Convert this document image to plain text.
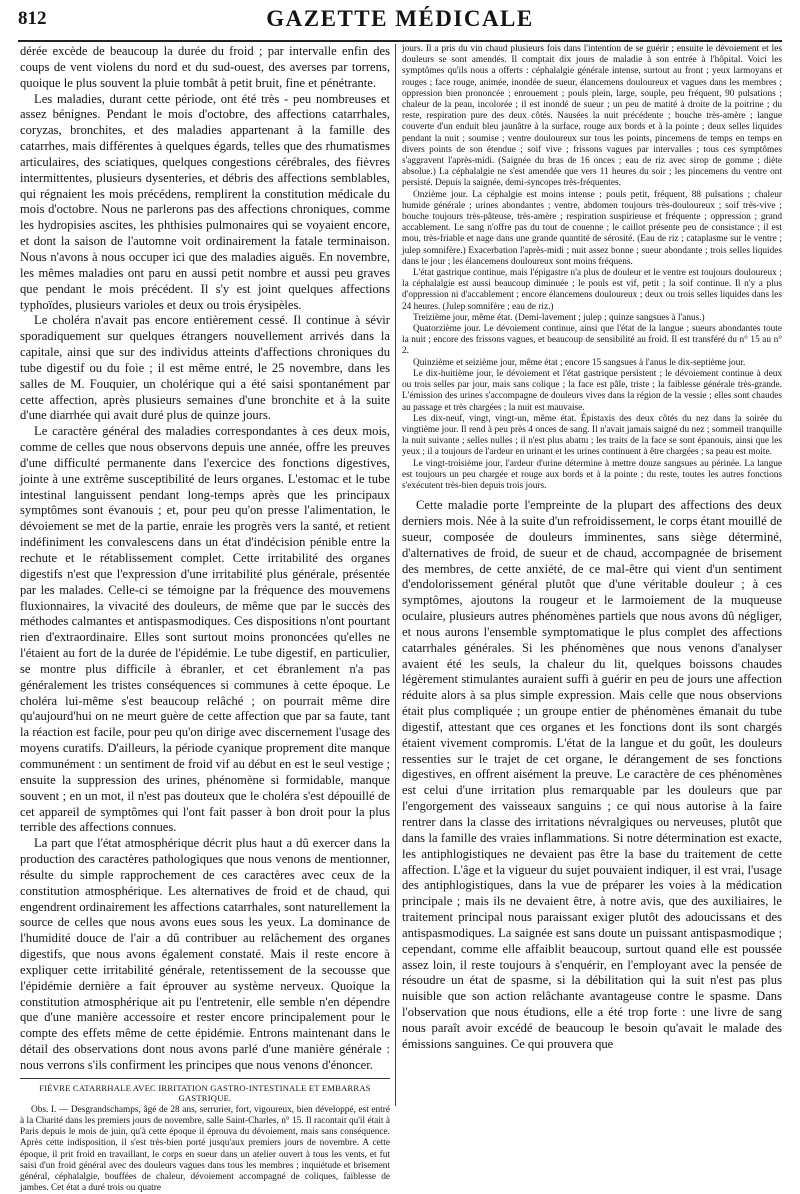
812	GAZETTE MÉDICALE

dérée excède de beaucoup la durée du froid ; par intervalle enfin des coups de vent violens du nord et du sud-ouest, des averses par torrens, quoique le plus souvent la pluie tombât à petit bruit, fine et pénétrante.

Les maladies, durant cette période, ont été très - peu nombreuses et assez bénignes. Pendant le mois d'octobre, des affections catarrhales, coryzas, bronchites, et des maladies appartenant à la famille des catarrhes, mais différentes à quelques égards, telles que des rhumatismes articulaires, des sciatiques, quelques congestions cérébrales, des fièvres intermittentes, plusieurs dysenteries, et débris des affections semblables, qui régnaient les mois précédens, remplirent la constitution médicale du mois d'octobre. Nous ne parlerons pas des affections chroniques, comme les hydropisies ascites, les phthisies pulmonaires qui se voyaient encore, et dont la saison de l'automne voit ordinairement la fatale terminaison. Nous n'avons à nous occuper ici que des maladies aiguës. En novembre, les mêmes maladies ont paru en aussi petit nombre et aussi peu graves que pendant le mois précédent. Il s'y est joint quelques affections typhoïdes, plusieurs varioles et deux ou trois érysipèles.

Le choléra n'avait pas encore entièrement cessé. Il continue à sévir sporadiquement sur quelques étrangers nouvellement arrivés dans la capitale, ainsi que sur des individus atteints d'affections chroniques du tube digestif ou du foie ; il est même entré, le 25 novembre, dans les salles de M. Fouquier, un cholérique qui a été saisi spontanément par cette affection, après plusieurs semaines d'une bronchite et à la suite d'une diarrhée qui avait duré plus de quinze jours.

Le caractère général des maladies correspondantes à ces deux mois, comme de celles que nous observons depuis une année, offre les preuves d'une difficulté permanente dans l'exercice des fonctions digestives, jointe à une extrême susceptibilité de leurs organes. L'estomac et le tube intestinal languissent pendant long-temps après que les principaux symptômes sont évanouis ; et, pour peu qu'on presse l'alimentation, le dévoiement se met de la partie, enraie les progrès vers la santé, et retient indéfiniment les convalescens dans un état d'indécision pénible entre la rechute et le rétablissement complet. Cette irritabilité des organes digestifs n'est que l'expression d'une irritabilité plus générale, présentée par les malades. Celle-ci se témoigne par la fréquence des mouvemens fluxionnaires, la vivacité des douleurs, de même que par le succès des méthodes calmantes et antispasmodiques. Ces dispositions n'ont pourtant rien d'extraordinaire. Elles sont surtout moins prononcées qu'elles ne l'étaient au fort de la durée de l'épidémie. Le tube digestif, en particulier, se montre plus difficile à ébranler, et cet ébranlement n'a pas généralement les tristes conséquences si communes à cette époque. Le choléra lui-même s'est beaucoup relâché ; on pourrait même dire qu'aujourd'hui on ne meurt guère de cette affection que par sa faute, tant la réaction est facile, pour peu qu'on dirige avec discernement l'usage des moyens curatifs. D'ailleurs, la période cyanique proprement dite manque communément : un sentiment de froid vif au début en est le seul vestige ; ensuite la suppression des urines, phénomène si formidable, manque souvent ; en un mot, il n'est pas douteux que le choléra s'est dépouillé de cet appareil de symptômes qui l'ont fait passer à bon droit pour la plus terrible des affections connues.

La part que l'état atmosphérique décrit plus haut a dû exercer dans la production des caractères pathologiques que nous venons de mentionner, résulte du simple rapprochement de ces caractères avec ceux de la constitution atmosphérique. Les alternatives de froid et de chaud, qui engendrent ordinairement les affections catarrhales, sont naturellement la source de celles que nous avons eues sous les yeux. La dominance de l'humidité douce de l'air a dû contribuer au relâchement des organes digestifs, que nous avons également constaté. Mais il reste encore à expliquer cette irritabilité générale, retentissement de la secousse que l'épidémie dernière a fait éprouver au système nerveux. Quoique la constitution atmosphérique ait pu l'entretenir, elle semble n'en dépendre que d'une manière accessoire et rester encore principalement pour le compte des effets même de cette épidémie. Entrons maintenant dans le détail des observations dont nous avons parlé d'une manière générale : nous verrons s'ils confirment les principes que nous venons d'énoncer.

FIÈVRE CATARRHALE AVEC IRRITATION GASTRO-INTESTINALE ET EMBARRAS
GASTRIQUE.

Obs. I. — Desgrandschamps, âgé de 28 ans, serrurier, fort, vigoureux, bien développé, est entré à la Charité dans les premiers jours de novembre, salle Saint-Charles, n° 15. Il racontait qu'il était à Paris depuis le mois de juin, qu'à cette époque il éprouva du dévoiement, mais sans conséquence. Après cette indisposition, il s'est très-bien porté jusqu'aux premiers jours de novembre. A cette époque, il prit froid en travaillant, le corps en sueur dans un atelier ouvert à tous les vents, et fut saisi d'un froid général avec des douleurs vagues dans tous les membres ; inquiétude et brisement général, céphalalgie, bouffées de chaleur, dévoiement accompagné de coliques, faiblesse de jambes. Cet état a duré trois ou quatre

jours. Il a pris du vin chaud plusieurs fois dans l'intention de se guérir ; ensuite le dévoiement et les douleurs se sont amendés. Il comptait dix jours de maladie à son entrée à l'hôpital. Voici les symptômes qu'ils nous a offerts : céphalalgie générale intense, surtout au front ; yeux larmoyans et rouges ; face rouge, animée, inondée de sueur, élancemens douloureux et vagues dans les membres ; oppression bien prononcée ; enrouement ; pouls plein, large, souple, peu fréquent, 90 pulsations ; chaleur de la peau, incolorée ; il est inondé de sueur ; un peu de matité à droite de la poitrine ; du reste, respiration pure des deux côtés. Nausées la nuit précédente ; bouche très-amère ; langue couverte d'un enduit bleu jaunâtre à la surface, rouge aux bords et à la pointe ; deux selles liquides pendant la nuit ; soumise ; ventre douloureux sur tous les points, pincemens de temps en temps en divers points de son étendue ; soif vive ; frissons vagues par intervalles ; tous ces symptômes s'aggravent l'après-midi. (Saignée du bras de 16 onces ; eau de riz avec sirop de gomme ; diète absolue.) La céphalalgie ne s'est amendée que vers 11 heures du soir ; les pincemens du ventre ont persisté. Depuis la saignée, demi-syncopes très-fréquentes.

Onzième jour. La céphalgie est moins intense ; pouls petit, fréquent, 88 pulsations ; chaleur humide générale ; urines abondantes ; ventre, abdomen toujours très-douloureux ; soif très-vive ; bouche toujours très-pâteuse, très-amère ; respiration suspirieuse et fréquente ; oppression ; grand accablement. Le sang n'offre pas du tout de couenne ; le caillot présente peu de consistance ; il est mou, très-friable et nage dans une grande quantité de sérosité. (Eau de riz ; cataplasme sur le ventre ; julep somnifère.) Exacerbation l'après-midi ; nuit assez bonne ; sueur abondante ; trois selles liquides dans le jour ; les élancemens douloureux sont moins fréquens.

L'état gastrique continue, mais l'épigastre n'a plus de douleur et le ventre est toujours douloureux ; la céphalalgie est aussi beaucoup diminuée ; le pouls est vif, petit ; la soif continue. Il n'y a plus d'oppression ni d'accablement ; encore élancemens douloureux ; deux ou trois selles liquides dans les 24 heures. (Julep somnifère ; eau de riz.)

Treizième jour, même état. (Demi-lavement ; julep ; quinze sangsues à l'anus.)

Quatorzième jour. Le dévoiement continue, ainsi que l'état de la langue ; sueurs abondantes toute la nuit ; encore des frissons vagues, et beaucoup de sensibilité au froid. Il est transféré du n° 15 au n° 2.

Quinzième et seizième jour, même état ; encore 15 sangsues à l'anus le dix-septième jour.

Le dix-huitième jour, le dévoiement et l'état gastrique persistent ; le dévoiement continue à deux ou trois selles par jour, mais sans colique ; la face est pâle, triste ; la faiblesse générale très-grande. L'émission des urines s'accompagne de douleurs vives dans la région de la vessie ; elles sont chaudes au passage et très chargées ; la nuit est mauvaise.

Les dix-neuf, vingt, vingt-un, même état. Épistaxis des deux côtés du nez dans la soirée du vingtième jour. Il rend à peu près 4 onces de sang. Il n'avait jamais saigné du nez ; sommeil tranquille la nuit suivante ; selles nulles ; il n'est plus abattu ; les traits de la face se sont épanouis, ainsi que les yeux ; il a toujours de l'ardeur en urinant et les urines continuent à être chargées ; sa peau est moite.

Le vingt-troisième jour, l'ardeur d'urine détermine à mettre douze sangsues au périnée. La langue est toujours un peu chargée et rouge aux bords et à la pointe ; du reste, toutes les autres fonctions s'exécutent très-bien depuis trois jours.

Cette maladie porte l'empreinte de la plupart des affections des deux derniers mois. Née à la suite d'un refroidissement, le corps étant mouillé de sueur, composée de douleurs imminentes, sans siège déterminé, d'alternatives de froid, de sueur et de chaud, accompagnée de brisement des membres, de cette anxiété, de ce mal-être qui vient d'un sentiment d'endolorissement général plutôt que d'une véritable douleur ; à ces symptômes, ajoutons la rougeur et le larmoiement de la muqueuse oculaire, plusieurs autres phénomènes partiels que nous avons dû négliger, et nous aurons l'ensemble symptomatique le plus complet des affections catarrhales générales. Si les phénomènes que nous venons d'analyser avaient été les seuls, la chaleur du lit, quelques boissons chaudes légèrement stimulantes auraient suffi à guérir en peu de jours une affection réduite alors à sa plus simple expression. Mais celle que nous observions était plus compliquée ; un groupe entier de phénomènes émanait du tube digestif, attestant que ces organes et les fonctions dont ils sont chargés étaient vivement compromis. L'état de la langue et du goût, les douleurs ressenties sur le trajet de cet organe, le dérangement de ses fonctions digestives, en offrent aisément la preuve. Le caractère de ces phénomènes est celui d'une irritation plus remarquable par les douleurs que par l'engorgement des vaisseaux sanguins ; ce qui nous autorise à la faire rentrer dans la classe des irritations névralgiques ou nerveuses, plutôt que dans la famille des vraies inflammations. Si notre détermination est exacte, les antiphlogistiques ne devaient pas être la base du traitement de cette affection. L'âge et la vigueur du sujet pouvaient indiquer, il est vrai, l'usage des antiphlogistiques, dans la vue de préparer les voies à la médication principale ; mais ils ne devaient être, à notre avis, que des auxiliaires, le traitement principal nous paraissant exiger plutôt des adoucissans et des antispasmodiques. La saignée est sans doute un puissant antispasmodique ; cependant, comme elle affaiblit beaucoup, surtout quand elle est poussée assez loin, il reste toujours à s'enquérir, en l'employant avec la pensée de résoudre un état de spasme, si la débilitation qui la suit n'est pas plus nuisible que son action relâchante avantageuse contre le spasme. Dans l'observation que nous étudions, elle a été trop forte : une livre de sang nous paraît avoir excédé de beaucoup le besoin qu'avait le malade des émissions sanguines. Ce qui prouvera que
